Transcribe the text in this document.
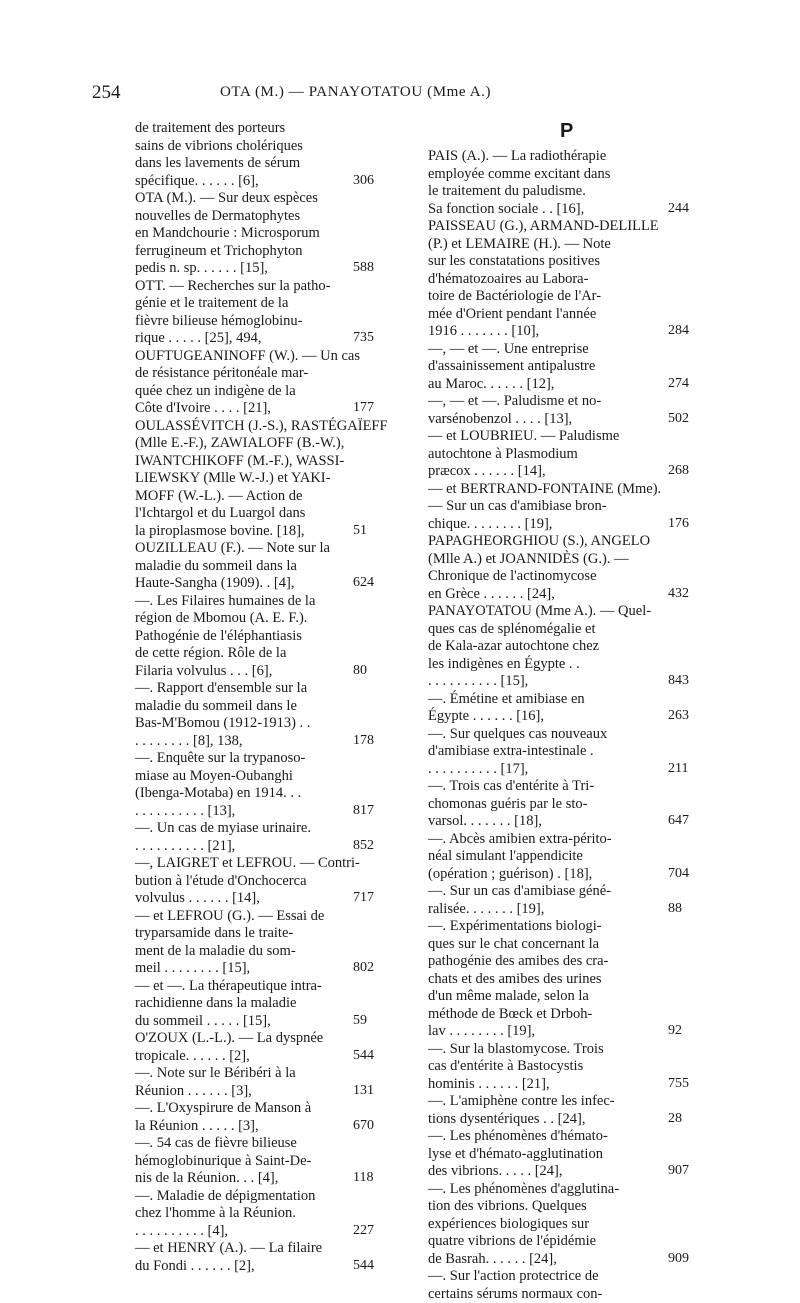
254	OTA (M.) — PANAYOTATOU (Mme A.)
de traitement des porteurs
sains de vibrions cholériques
dans les lavements de sérum
spécifique. . . . . . [6],	306
OTA (M.). — Sur deux espèces
nouvelles de Dermatophytes
en Mandchourie : Microsporum
ferrugineum et Trichophyton
pedis n. sp. . . . . . [15],	588
OTT. — Recherches sur la patho-
génie et le traitement de la
fièvre bilieuse hémoglobinu-
rique . . . . . [25], 494,	735
OUFTUGEANINOFF (W.). — Un cas
de résistance péritonéale mar-
quée chez un indigène de la
Côte d'Ivoire . . . . [21],	177
OULASSÉVITCH (J.-S.), RASTÉGAÏEFF
(Mlle E.-F.), ZAWIALOFF (B.-W.),
IWANTCHIKOFF (M.-F.), WASSI-
LIEWSKY (Mlle W.-J.) et YAKI-
MOFF (W.-L.). — Action de
l'Ichtargol et du Luargol dans
la piroplasmose bovine. [18],	51
OUZILLEAU (F.). — Note sur la
maladie du sommeil dans la
Haute-Sangha (1909). . [4],	624
—. Les Filaires humaines de la
région de Mbomou (A. E. F.).
Pathogénie de l'éléphantiasis
de cette région. Rôle de la
Filaria volvulus . . . [6],	80
—. Rapport d'ensemble sur la
maladie du sommeil dans le
Bas-M'Bomou (1912-1913) . .
. . . . . . . . [8], 138,	178
—. Enquête sur la trypanoso-
miase au Moyen-Oubanghi
(Ibenga-Motaba) en 1914. . .
. . . . . . . . . . [13],	817
—. Un cas de myiase urinaire.
. . . . . . . . . . [21],	852
—, LAIGRET et LEFROU. — Contri-
bution à l'étude d'Onchocerca
volvulus . . . . . . [14],	717
— et LEFROU (G.). — Essai de
tryparsamide dans le traite-
ment de la maladie du som-
meil . . . . . . . . [15],	802
— et —. La thérapeutique intra-
rachidienne dans la maladie
du sommeil . . . . . [15],	59
O'ZOUX (L.-L.). — La dyspnée
tropicale. . . . . . [2],	544
—. Note sur le Béribéri à la
Réunion . . . . . . [3],	131
—. L'Oxyspirure de Manson à
la Réunion . . . . . [3],	670
—. 54 cas de fièvre bilieuse
hémoglobinurique à Saint-De-
nis de la Réunion. . . [4],	118
—. Maladie de dépigmentation
chez l'homme à la Réunion.
. . . . . . . . . . [4],	227
— et HENRY (A.). — La filaire
du Fondi . . . . . . [2],	544
P
PAIS (A.). — La radiothérapie
employée comme excitant dans
le traitement du paludisme.
Sa fonction sociale . . [16],	244
PAISSEAU (G.), ARMAND-DELILLE
(P.) et LEMAIRE (H.). — Note
sur les constatations positives
d'hématozoaires au Labora-
toire de Bactériologie de l'Ar-
mée d'Orient pendant l'année
1916 . . . . . . . [10],	284
—, — et —. Une entreprise
d'assainissement antipalustre
au Maroc. . . . . . [12],	274
—, — et —. Paludisme et no-
varsénobenzol . . . . [13],	502
— et LOUBRIEU. — Paludisme
autochtone à Plasmodium
præcox . . . . . . [14],	268
— et BERTRAND-FONTAINE (Mme).
— Sur un cas d'amibiase bron-
chique. . . . . . . . [19],	176
PAPAGHEORGHIOU (S.), ANGELO
(Mlle A.) et JOANNIDÈS (G.). —
Chronique de l'actinomycose
en Grèce . . . . . . [24],	432
PANAYOTATOU (Mme A.). — Quel-
ques cas de splénomégalie et
de Kala-azar autochtone chez
les indigènes en Égypte . .
. . . . . . . . . . [15],	843
—. Émétine et amibiase en
Égypte . . . . . . [16],	263
—. Sur quelques cas nouveaux
d'amibiase extra-intestinale .
. . . . . . . . . . [17],	211
—. Trois cas d'entérite à Tri-
chomonas guéris par le sto-
varsol. . . . . . . [18],	647
—. Abcès amibien extra-périto-
néal simulant l'appendicite
(opération ; guérison) . [18],	704
—. Sur un cas d'amibiase géné-
ralisée. . . . . . . [19],	88
—. Expérimentations biologi-
ques sur le chat concernant la
pathogénie des amibes des cra-
chats et des amibes des urines
d'un même malade, selon la
méthode de Bœck et Drboh-
lav . . . . . . . . [19],	92
—. Sur la blastomycose. Trois
cas d'entérite à Bastocystis
hominis . . . . . . [21],	755
—. L'amiphène contre les infec-
tions dysentériques . . [24],	28
—. Les phénomènes d'hémato-
lyse et d'hémato-agglutination
des vibrions. . . . . [24],	907
—. Les phénomènes d'agglutina-
tion des vibrions. Quelques
expériences biologiques sur
quatre vibrions de l'épidémie
de Basrah. . . . . . [24],	909
—. Sur l'action protectrice de
certains sérums normaux con-
